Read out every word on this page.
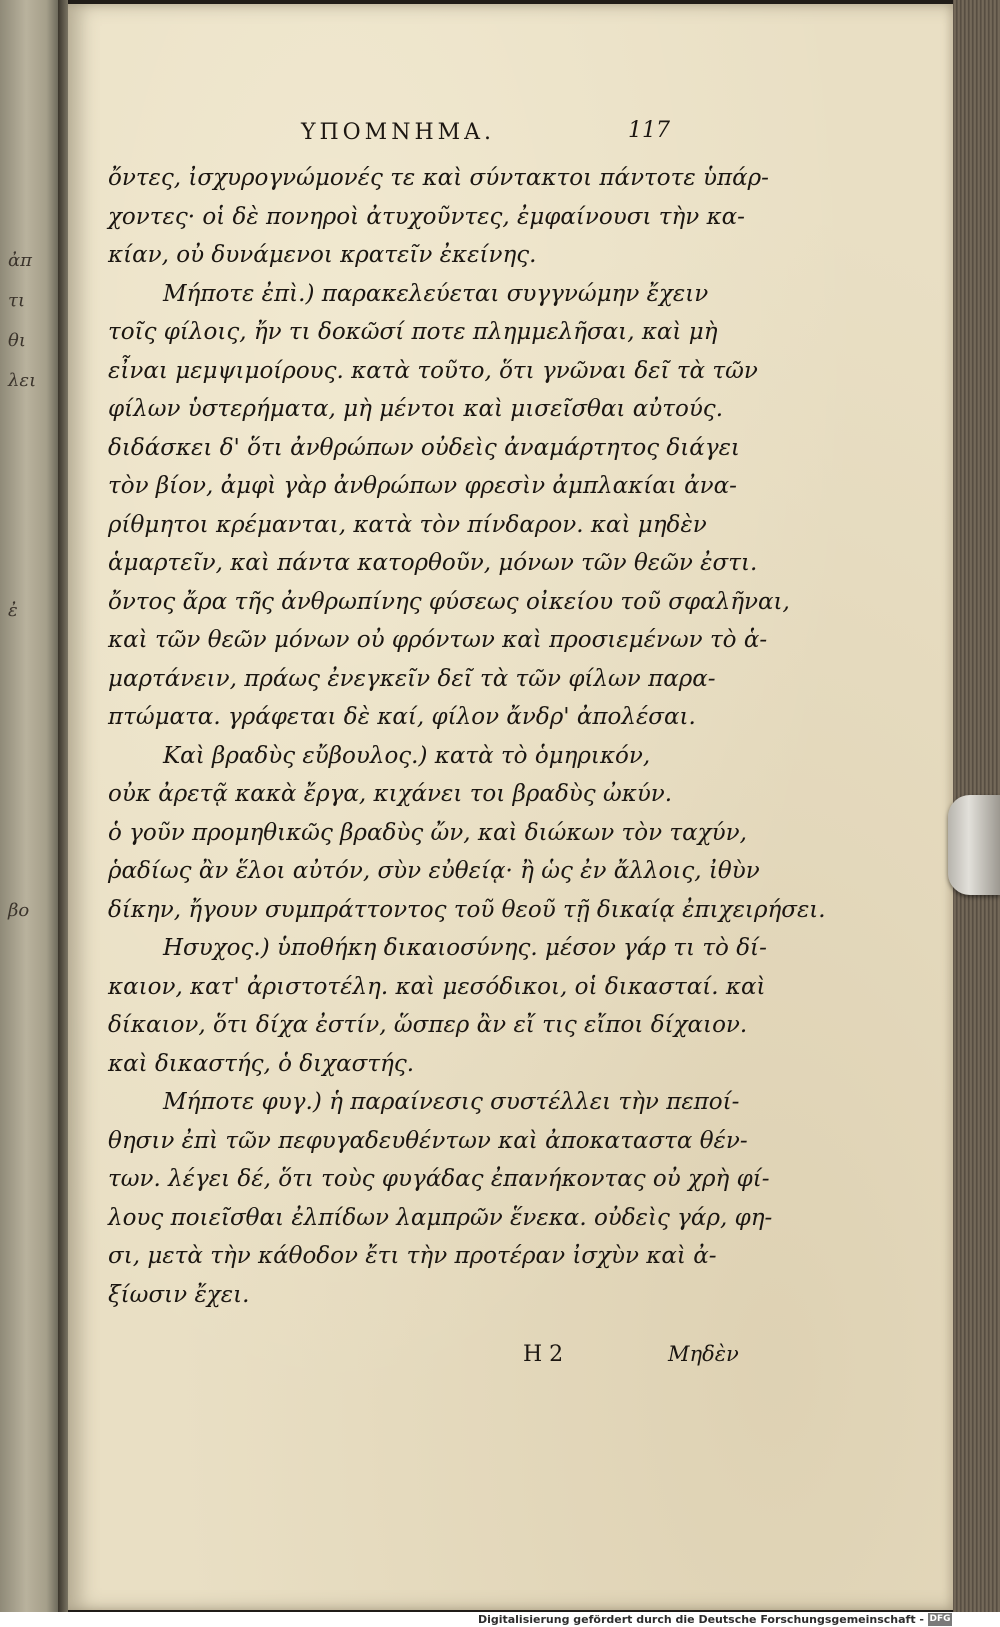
ἀπ
τι
θι
λει
ἐ
βο
ΥΠΟΜΝΗΜΑ.	117
ὄντες, ἰσχυρογνώμονές τε καὶ σύντακτοι πάντοτε ὑπάρ-
χοντες· οἱ δὲ πονηροὶ ἀτυχοῦντες, ἐμφαίνουσι τὴν κα-
κίαν, οὐ δυνάμενοι κρατεῖν ἐκείνης.
Μήποτε ἐπὶ.) παρακελεύεται συγγνώμην ἔχειν
τοῖς φίλοις, ἤν τι δοκῶσί ποτε πλημμελῆσαι, καὶ μὴ
εἶναι μεμψιμοίρους. κατὰ τοῦτο, ὅτι γνῶναι δεῖ τὰ τῶν
φίλων ὑστερήματα, μὴ μέντοι καὶ μισεῖσθαι αὐτούς.
διδάσκει δ' ὅτι ἀνθρώπων οὐδεὶς ἀναμάρτητος διάγει
τὸν βίον, ἀμφὶ γὰρ ἀνθρώπων φρεσὶν ἀμπλακίαι ἀνα-
ρίθμητοι κρέμανται, κατὰ τὸν πίνδαρον. καὶ μηδὲν
ἁμαρτεῖν, καὶ πάντα κατορθοῦν, μόνων τῶν θεῶν ἐστι.
ὄντος ἄρα τῆς ἀνθρωπίνης φύσεως οἰκείου τοῦ σφαλῆναι,
καὶ τῶν θεῶν μόνων οὐ φρόντων καὶ προσιεμένων τὸ ἁ-
μαρτάνειν, πράως ἐνεγκεῖν δεῖ τὰ τῶν φίλων παρα-
πτώματα. γράφεται δὲ καί, φίλον ἄνδρ' ἀπολέσαι.
Καὶ βραδὺς εὔβουλος.) κατὰ τὸ ὁμηρικόν,
οὐκ ἀρετᾷ κακὰ ἔργα, κιχάνει τοι βραδὺς ὠκύν.
ὁ γοῦν προμηθικῶς βραδὺς ὤν, καὶ διώκων τὸν ταχύν,
ῥαδίως ἂν ἕλοι αὐτόν, σὺν εὐθείᾳ· ἢ ὡς ἐν ἄλλοις, ἰθὺν
δίκην, ἤγουν συμπράττοντος τοῦ θεοῦ τῇ δικαίᾳ ἐπιχειρήσει.
Ησυχος.) ὑποθήκη δικαιοσύνης. μέσον γάρ τι τὸ δί-
καιον, κατ' ἀριστοτέλη. καὶ μεσόδικοι, οἱ δικασταί. καὶ
δίκαιον, ὅτι δίχα ἐστίν, ὥσπερ ἂν εἴ τις εἴποι δίχαιον.
καὶ δικαστής, ὁ διχαστής.
Μήποτε φυγ.) ἡ παραίνεσις συστέλλει τὴν πεποί-
θησιν ἐπὶ τῶν πεφυγαδευθέντων καὶ ἀποκαταστα θέν-
των. λέγει δέ, ὅτι τοὺς φυγάδας ἐπανήκοντας οὐ χρὴ φί-
λους ποιεῖσθαι ἐλπίδων λαμπρῶν ἕνεκα. οὐδεὶς γάρ, φη-
σι, μετὰ τὴν κάθοδον ἔτι τὴν προτέραν ἰσχὺν καὶ ἀ-
ξίωσιν ἔχει.
Η 2	Μηδὲν
Digitalisierung gefördert durch die Deutsche Forschungsgemeinschaft - DFG
